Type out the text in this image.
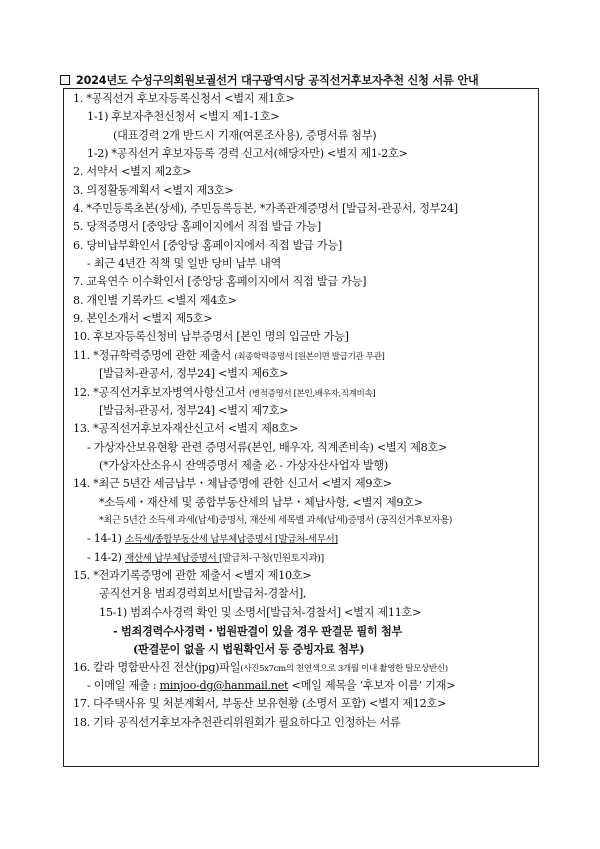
2024년도 수성구의회원보궐선거 대구광역시당 공직선거후보자추천 신청 서류 안내
1. *공직선거 후보자등록신청서 <별지 제1호>
1-1) 후보자추천신청서 <별지 제1-1호>
(대표경력 2개 반드시 기재(여론조사용), 증명서류 첨부)
1-2) *공직선거 후보자등록 경력 신고서(해당자만) <별지 제1-2호>
2. 서약서 <별지 제2호>
3. 의정활동계획서 <별지 제3호>
4. *주민등록초본(상세), 주민등록등본, *가족관계증명서 [발급처-관공서, 정부24]
5. 당적증명서 [중앙당 홈페이지에서 직접 발급 가능]
6. 당비납부확인서 [중앙당 홈페이지에서 직접 발급 가능]
- 최근 4년간 직책 및 일반 당비 납부 내역
7. 교육연수 이수확인서 [중앙당 홈페이지에서 직접 발급 가능]
8. 개인별 기록카드 <별지 제4호>
9. 본인소개서 <별지 제5호>
10. 후보자등록신청비 납부증명서 [본인 명의 입금만 가능]
11. *정규학력증명에 관한 제출서 (최종학력증명서 [원본이면 발급기관 무관]
[발급처-관공서, 정부24] <별지 제6호>
12. *공직선거후보자병역사항신고서 (병적증명서 [본인,배우자,직계비속]
[발급처-관공서, 정부24] <별지 제7호>
13. *공직선거후보자재산신고서 <별지 제8호>
- 가상자산보유현황 관련 증명서류(본인, 배우자, 직계존비속) <별지 제8호>
(*가상자산소유시 잔액증명서 제출 必 - 가상자산사업자 발행)
14. *최근 5년간 세금납부・체납증명에 관한 신고서 <별지 제9호>
*소득세・재산세 및 종합부동산세의 납부・체납사항, <별지 제9호>
*최근 5년간 소득세 과세(납세)증명서, 재산세 세목별 과세(납세)증명서 (공직선거후보자용)
- 14-1) 소득세/종합부동산세 납부체납증명서 [발급처-세무서]
- 14-2) 재산세 납부체납증명서 [발급처-구청(민원토지과)]
15. *전과기록증명에 관한 제출서 <별지 제10호>
공직선거용 범죄경력회보서[발급처-경찰서],
15-1) 범죄수사경력 확인 및 소명서[발급처-경찰서] <별지 제11호>
- 범죄경력수사경력・법원판결이 있을 경우 판결문 필히 첨부
(판결문이 없을 시 법원확인서 등 증빙자료 첨부)
16. 칼라 명함판사진 전산(jpg)파일(사진5x7cm의 천연색으로 3개월 이내 촬영한 탈모상반신)
- 이메일 제출 : minjoo-dg@hanmail.net <메일 제목을 ‘후보자 이름’ 기재>
17. 다주택사유 및 처분계획서, 부동산 보유현황 (소명서 포함) <별지 제12호>
18. 기타 공직선거후보자추천관리위원회가 필요하다고 인정하는 서류
